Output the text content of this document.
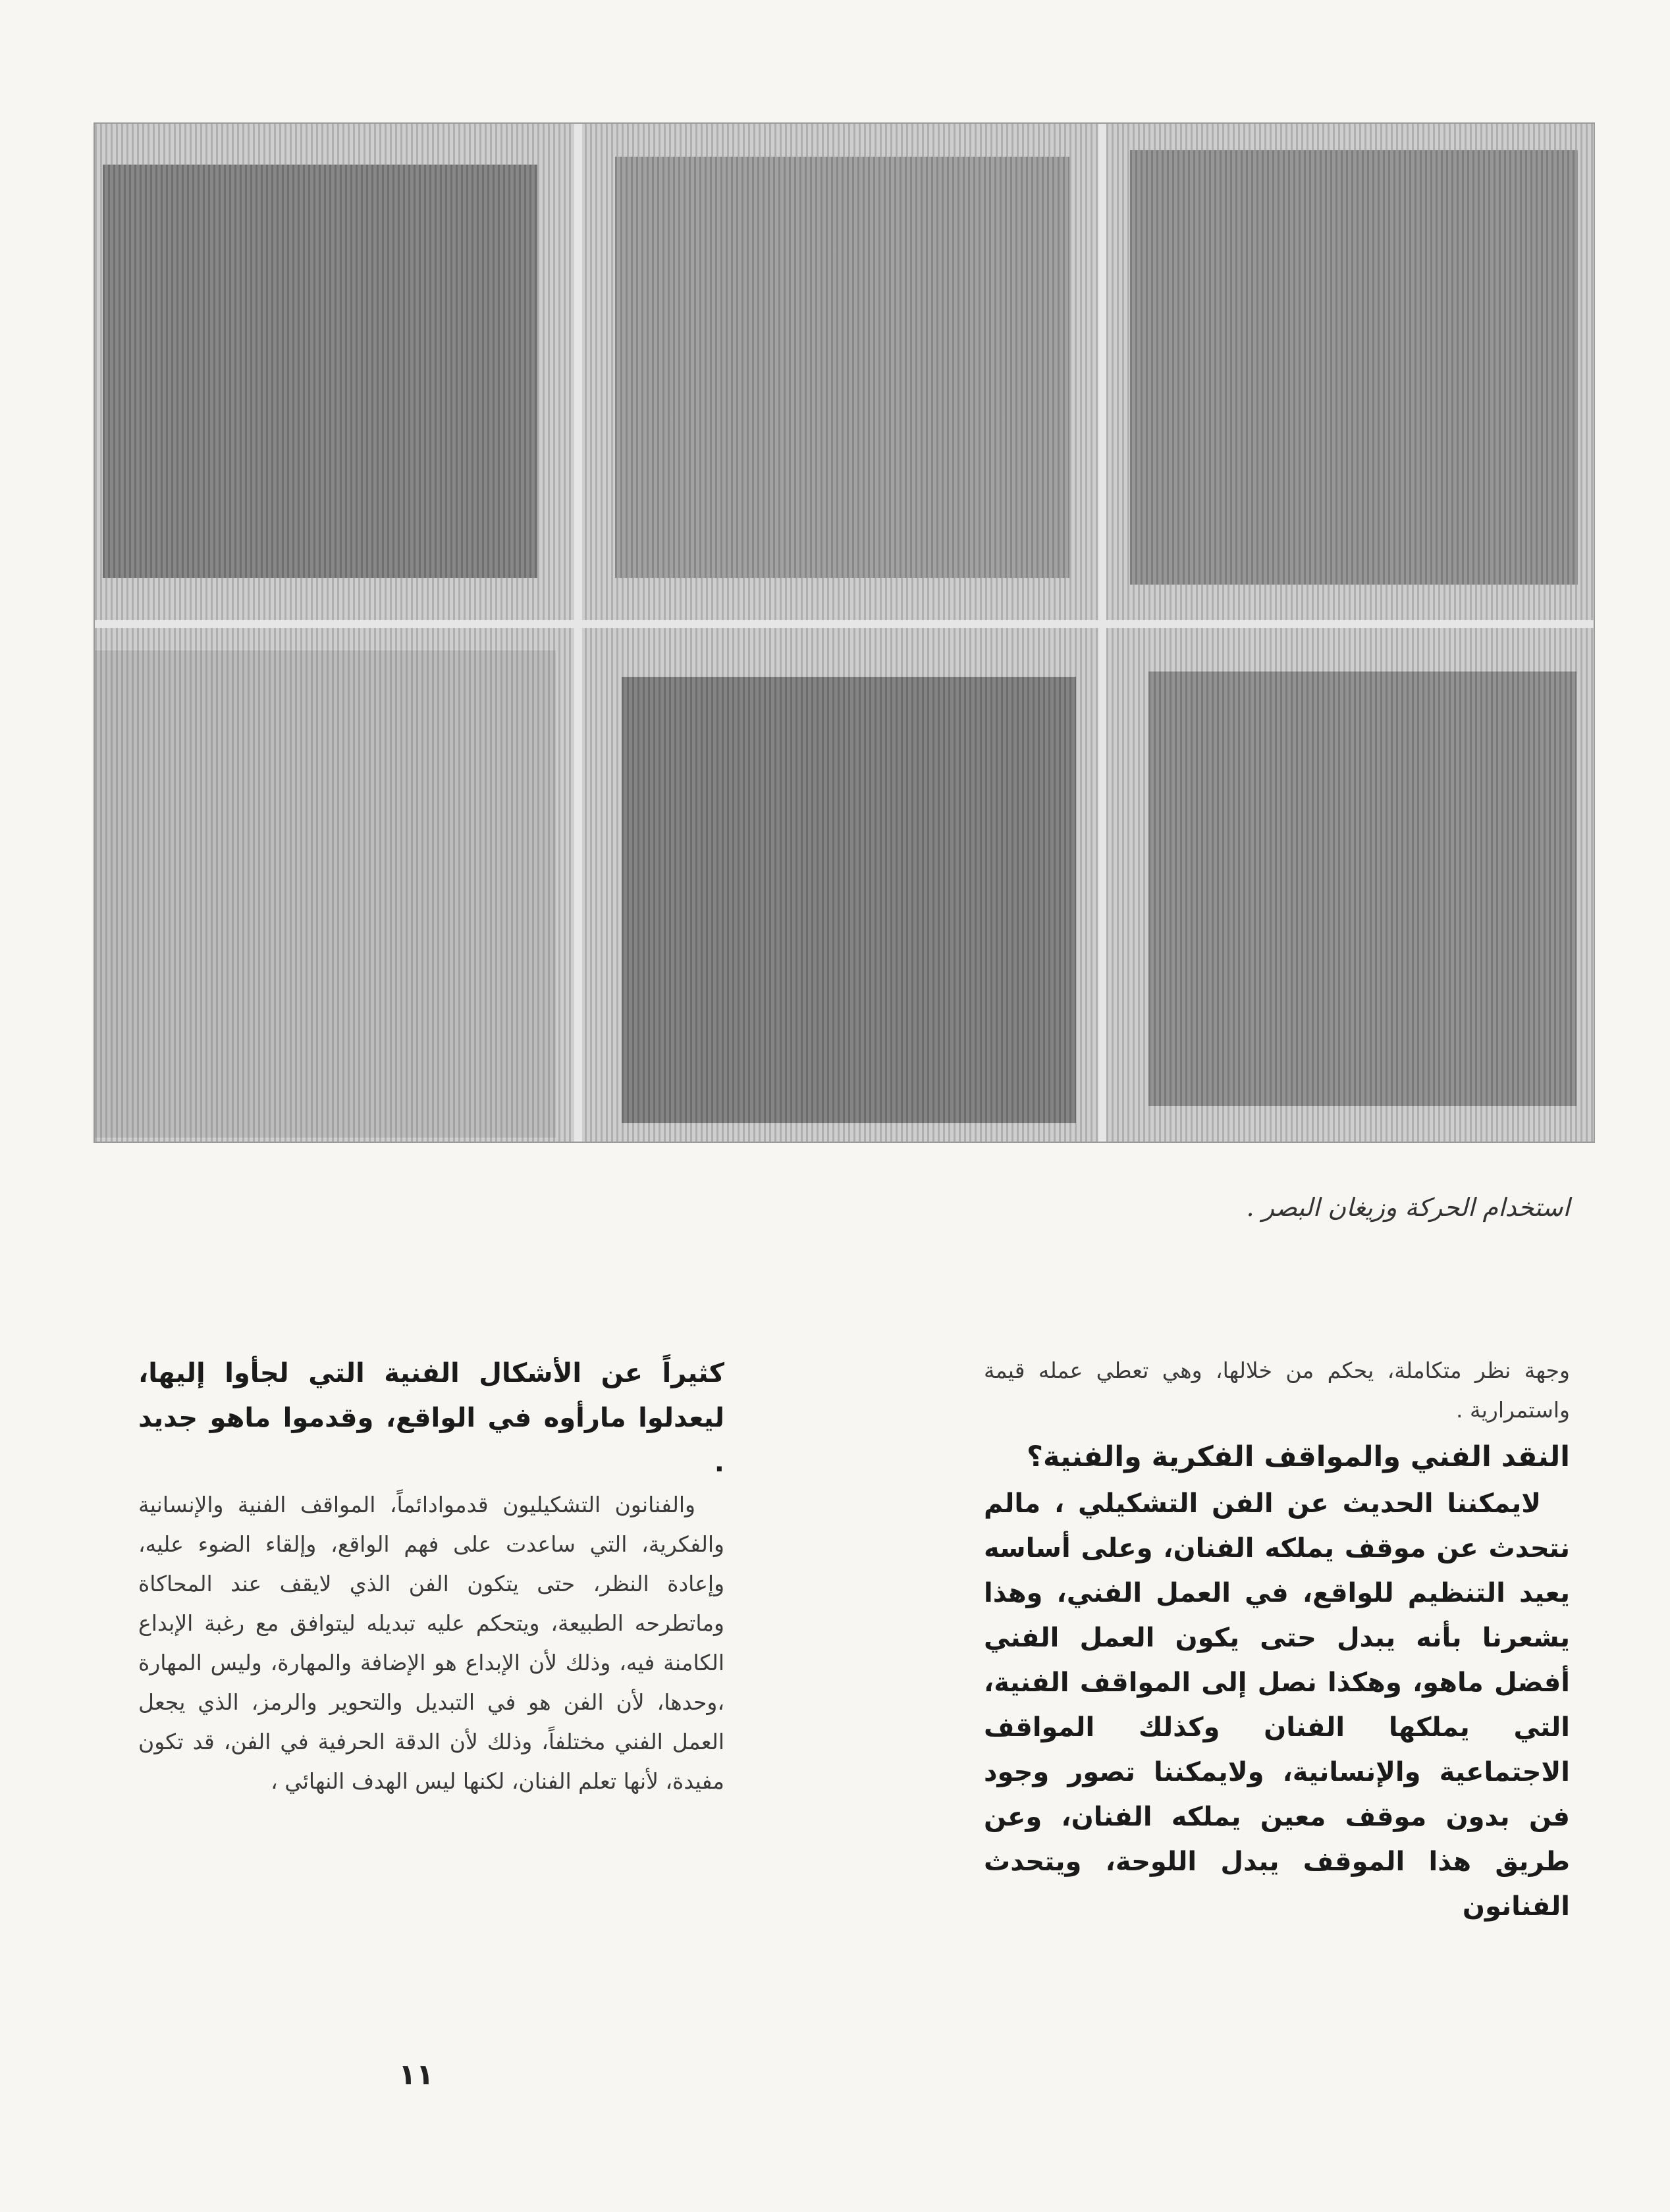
استخدام الحركة وزيغان البصر .

وجهة نظر متكاملة، يحكم من خلالها، وهي تعطي عمله قيمة واستمرارية .

النقد الفني والمواقف الفكرية والفنية؟

لايمكننا الحديث عن الفن التشكيلي ، مالم نتحدث عن موقف يملكه الفنان، وعلى أساسه يعيد التنظيم للواقع، في العمل الفني، وهذا يشعرنا بأنه يبدل حتى يكون العمل الفني أفضل ماهو، وهكذا نصل إلى المواقف الفنية، التي يملكها الفنان وكذلك المواقف الاجتماعية والإنسانية، ولايمكننا تصور وجود فن بدون موقف معين يملكه الفنان، وعن طريق هذا الموقف يبدل اللوحة، ويتحدث الفنانون

كثيراً عن الأشكال الفنية التي لجأوا إليها، ليعدلوا مارأوه في الواقع، وقدموا ماهو جديد .

والفنانون التشكيليون قدموادائماً، المواقف الفنية والإنسانية والفكرية، التي ساعدت على فهم الواقع، وإلقاء الضوء عليه، وإعادة النظر، حتى يتكون الفن الذي لايقف عند المحاكاة وماتطرحه الطبيعة، ويتحكم عليه تبديله ليتوافق مع رغبة الإبداع الكامنة فيه، وذلك لأن الإبداع هو الإضافة والمهارة، وليس المهارة ،وحدها، لأن الفن هو في التبديل والتحوير والرمز، الذي يجعل العمل الفني مختلفاً، وذلك لأن الدقة الحرفية في الفن، قد تكون مفيدة، لأنها تعلم الفنان، لكنها ليس الهدف النهائي ،

١١
